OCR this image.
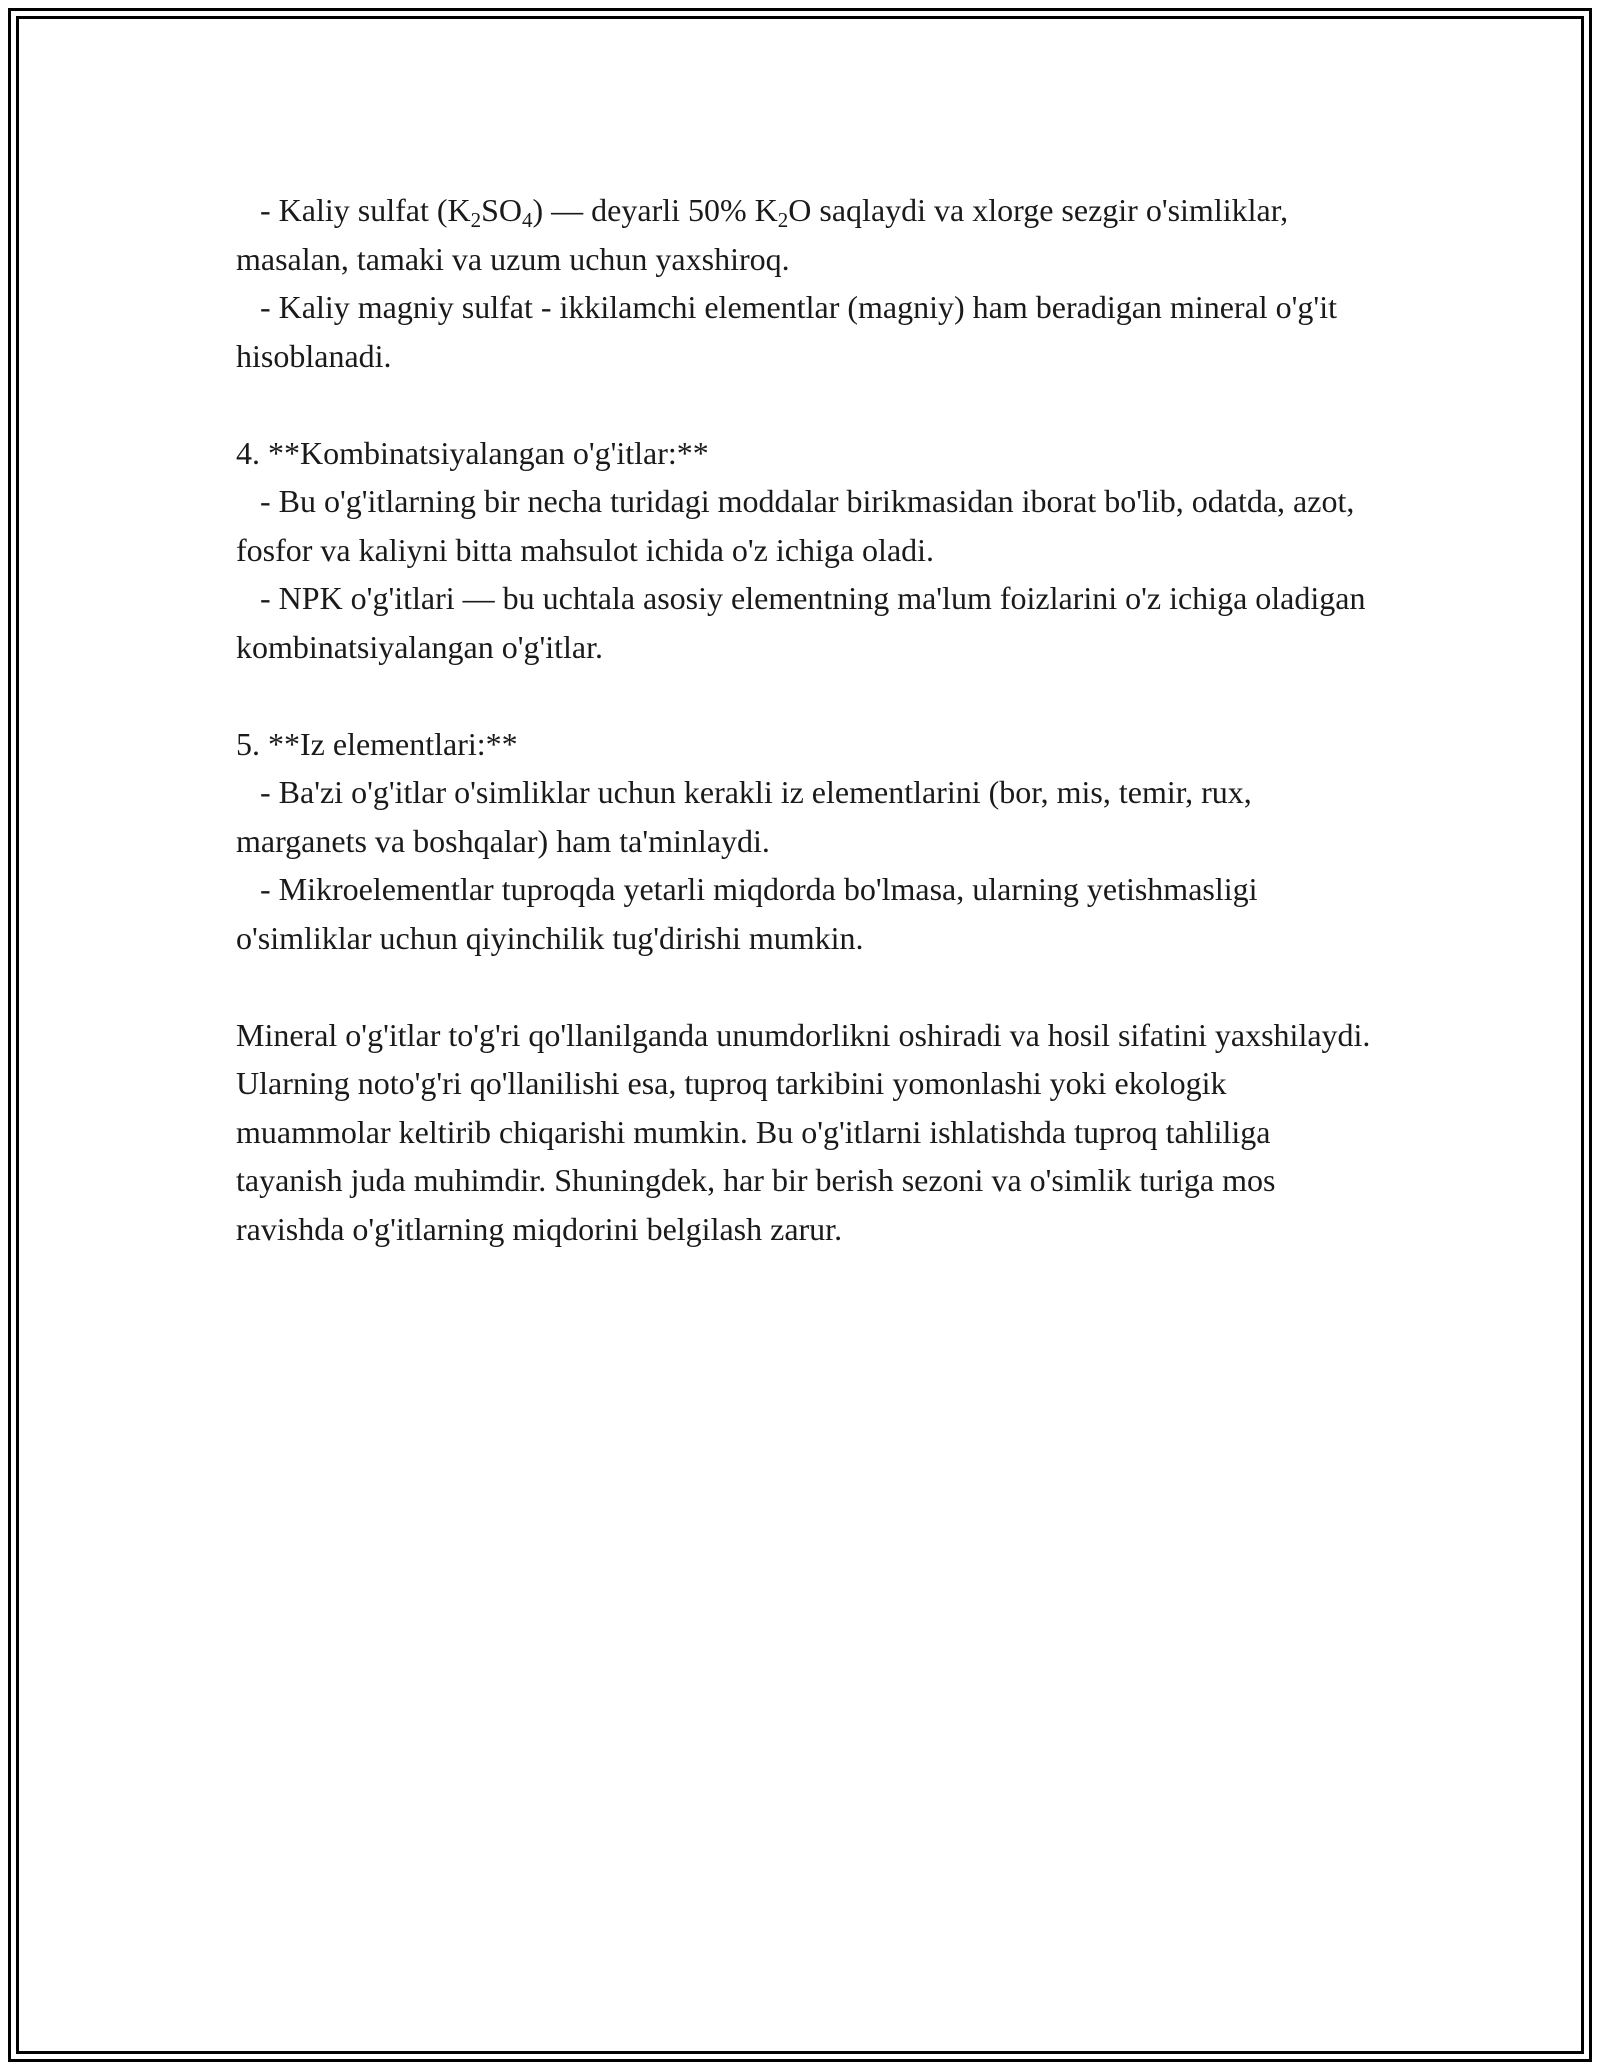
- Kaliy sulfat $(K_2SO_4)$ — deyarli 50% $K_2O$ saqlaydi va xlorge sezgir o'simliklar, masalan, tamaki va uzum uchun yaxshiroq.

- Kaliy magniy sulfat - ikkilamchi elementlar (magniy) ham beradigan mineral o'g'it hisoblanadi.

4. **Kombinatsiyalangan o'g'itlar:**

- Bu o'g'itlarning bir necha turidagi moddalar birikmasidan iborat bo'lib, odatda, azot, fosfor va kaliyni bitta mahsulot ichida o'z ichiga oladi.

- NPK o'g'itlari — bu uchtala asosiy elementning ma'lum foizlarini o'z ichiga oladigan kombinatsiyalangan o'g'itlar.

5. **Iz elementlari:**

- Ba'zi o'g'itlar o'simliklar uchun kerakli iz elementlarini (bor, mis, temir, rux, marganets va boshqalar) ham ta'minlaydi.

- Mikroelementlar tuproqda yetarli miqdorda bo'lmasa, ularning yetishmasligi o'simliklar uchun qiyinchilik tug'dirishi mumkin.

Mineral o'g'itlar to'g'ri qo'llanilganda unumdorlikni oshiradi va hosil sifatini yaxshilaydi. Ularning noto'g'ri qo'llanilishi esa, tuproq tarkibini yomonlashi yoki ekologik muammolar keltirib chiqarishi mumkin. Bu o'g'itlarni ishlatishda tuproq tahliliga tayanish juda muhimdir. Shuningdek, har bir berish sezoni va o'simlik turiga mos ravishda o'g'itlarning miqdorini belgilash zarur.
